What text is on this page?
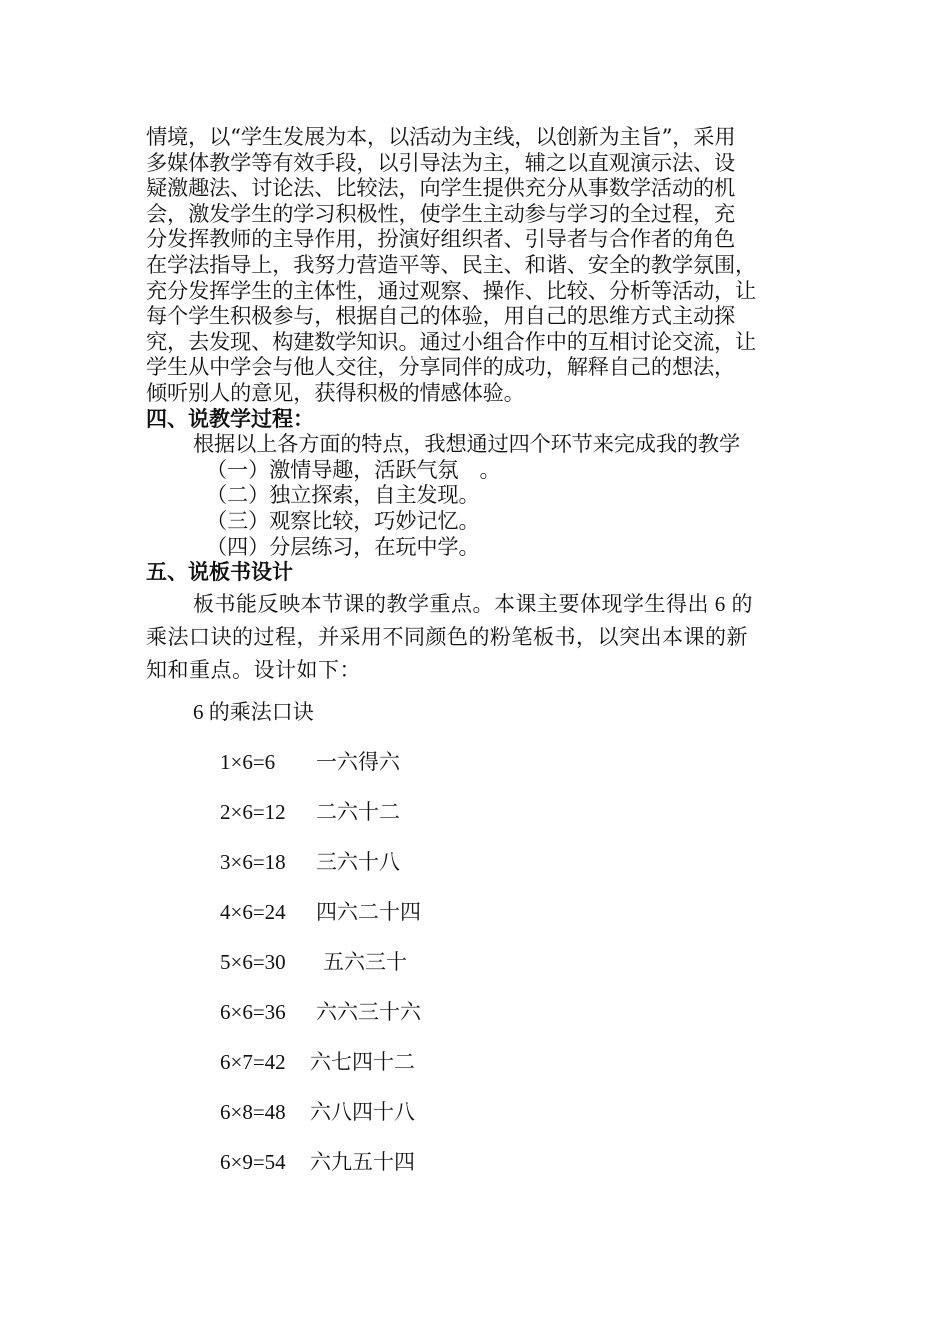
情境，以“学生发展为本，以活动为主线，以创新为主旨”，采用
多媒体教学等有效手段，以引导法为主，辅之以直观演示法、设
疑激趣法、讨论法、比较法，向学生提供充分从事数学活动的机
会，激发学生的学习积极性，使学生主动参与学习的全过程，充
分发挥教师的主导作用，扮演好组织者、引导者与合作者的角色
在学法指导上，我努力营造平等、民主、和谐、安全的教学氛围，
充分发挥学生的主体性，通过观察、操作、比较、分析等活动，让
每个学生积极参与，根据自己的体验，用自己的思维方式主动探
究，去发现、构建数学知识。通过小组合作中的互相讨论交流，让
学生从中学会与他人交往，分享同伴的成功，解释自己的想法，
倾听别人的意见，获得积极的情感体验。
四、说教学过程：
根据以上各方面的特点，我想通过四个环节来完成我的教学
（一）激情导趣，活跃气氛　。
（二）独立探索，自主发现。
（三）观察比较，巧妙记忆。
（四）分层练习，在玩中学。
五、说板书设计
板书能反映本节课的教学重点。本课主要体现学生得出 6 的
乘法口诀的过程，并采用不同颜色的粉笔板书，以突出本课的新
知和重点。设计如下：
6 的乘法口诀
1×6=6 一六得六
2×6=12 二六十二
3×6=18 三六十八
4×6=24 四六二十四
5×6=30 五六三十
6×6=36 六六三十六
6×7=42 六七四十二
6×8=48 六八四十八
6×9=54 六九五十四
